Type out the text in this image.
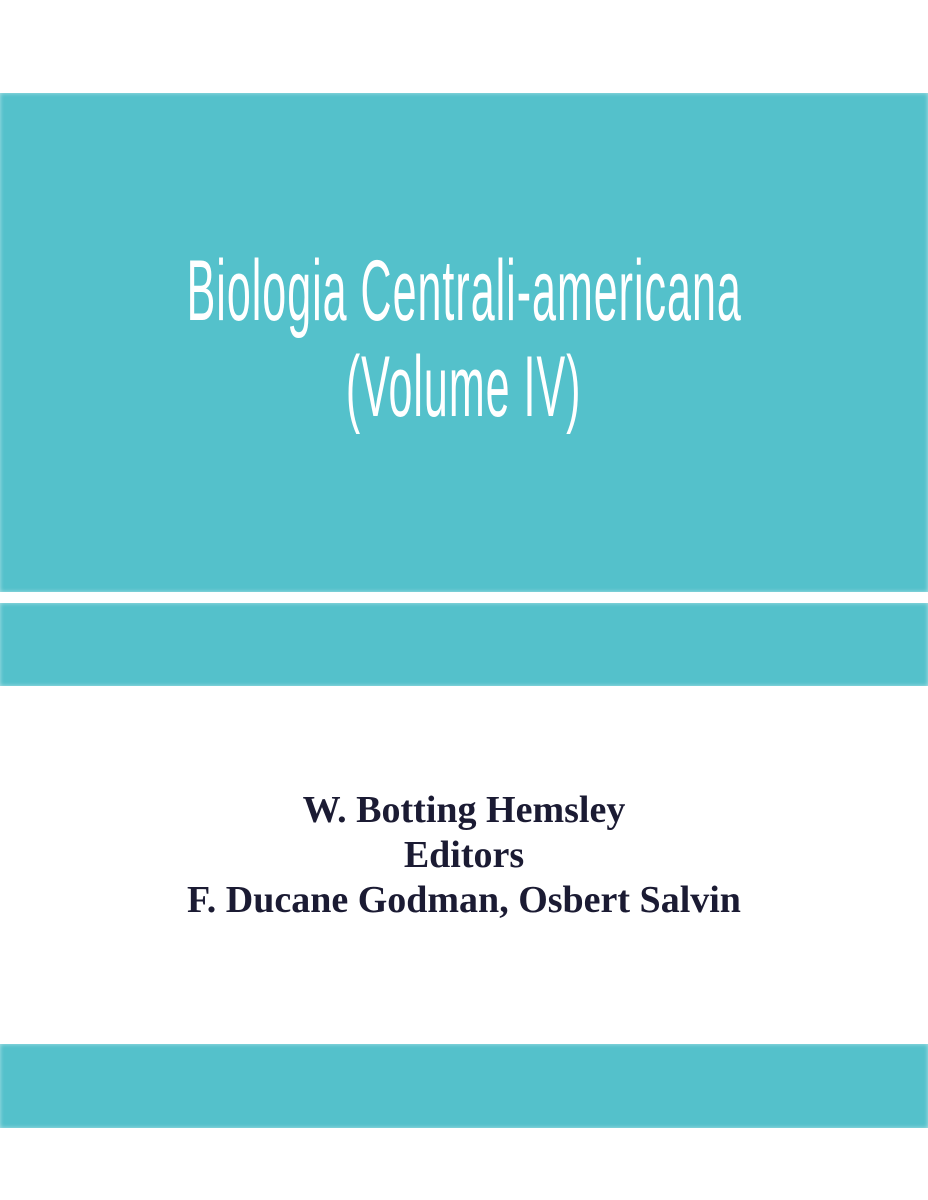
Biologia Centrali-americana
(Volume IV)
W. Botting Hemsley
Editors
F. Ducane Godman, Osbert Salvin
